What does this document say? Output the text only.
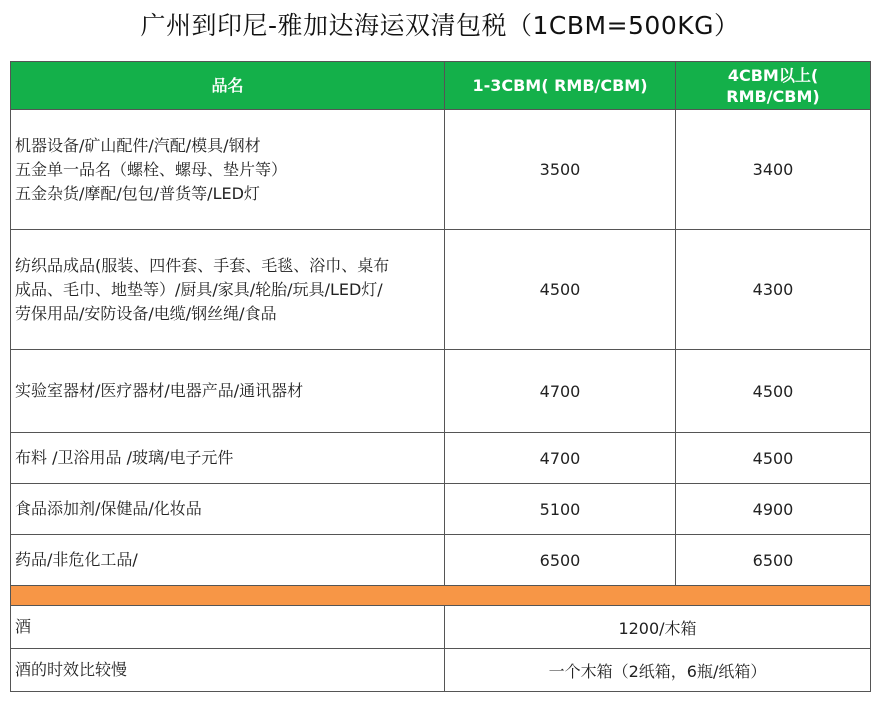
广州到印尼-雅加达海运双清包税（1CBM=500KG）
品名	1-3CBM( RMB/CBM)	4CBM以上(
RMB/CBM)

机器设备/矿山配件/汽配/模具/钢材
五金单一品名（螺栓、螺母、垫片等）
五金杂货/摩配/包包/普货等/LED灯	3500	3400

纺织品成品(服装、四件套、手套、毛毯、浴巾、桌布
成品、毛巾、地垫等）/厨具/家具/轮胎/玩具/LED灯/
劳保用品/安防设备/电缆/钢丝绳/食品	4500	4300

实验室器材/医疗器材/电器产品/通讯器材	4700	4500

布料 /卫浴用品 /玻璃/电子元件	4700	4500

食品添加剂/保健品/化妆品	5100	4900

药品/非危化工品/	6500	6500

酒	1200/木箱	
酒的时效比较慢	一个木箱（2纸箱，6瓶/纸箱）	
